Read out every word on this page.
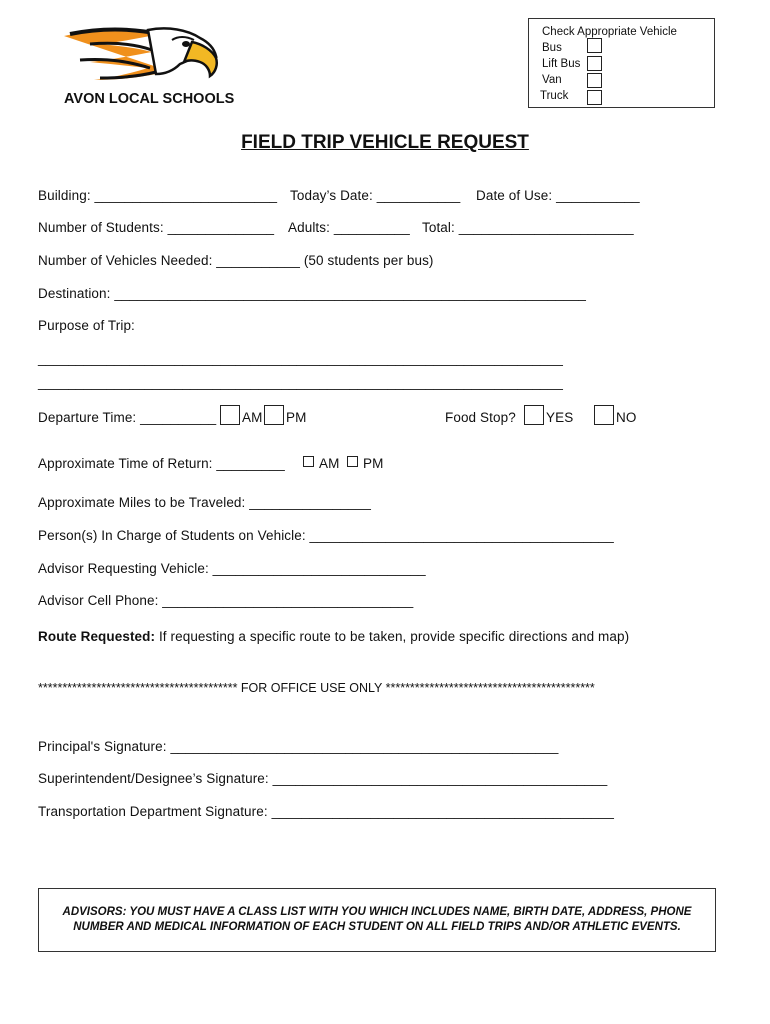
AVON LOCAL SCHOOLS
Check Appropriate Vehicle
Bus
Lift Bus
Van
Truck
FIELD TRIP VEHICLE REQUEST
Building: ________________________ Today’s Date: ___________ Date of Use: ___________
Number of Students: ______________ Adults: __________ Total: _______________________
Number of Vehicles Needed: ___________ (50 students per bus)
Destination: ______________________________________________________________
Purpose of Trip:
_____________________________________________________________________
_____________________________________________________________________
Departure Time: __________ AM PM	Food Stop? YES	NO
Approximate Time of Return: _________	AM PM
Approximate Miles to be Traveled: ________________
Person(s) In Charge of Students on Vehicle: ________________________________________
Advisor Requesting Vehicle: ____________________________
Advisor Cell Phone: _________________________________
Route Requested: If requesting a specific route to be taken, provide specific directions and map)
***************************************** FOR OFFICE USE ONLY *******************************************
Principal's Signature: ___________________________________________________
Superintendent/Designee’s Signature: ____________________________________________
Transportation Department Signature: _____________________________________________
ADVISORS: YOU MUST HAVE A CLASS LIST WITH YOU WHICH INCLUDES NAME, BIRTH DATE, ADDRESS, PHONE NUMBER AND MEDICAL INFORMATION OF EACH STUDENT ON ALL FIELD TRIPS AND/OR ATHLETIC EVENTS.
